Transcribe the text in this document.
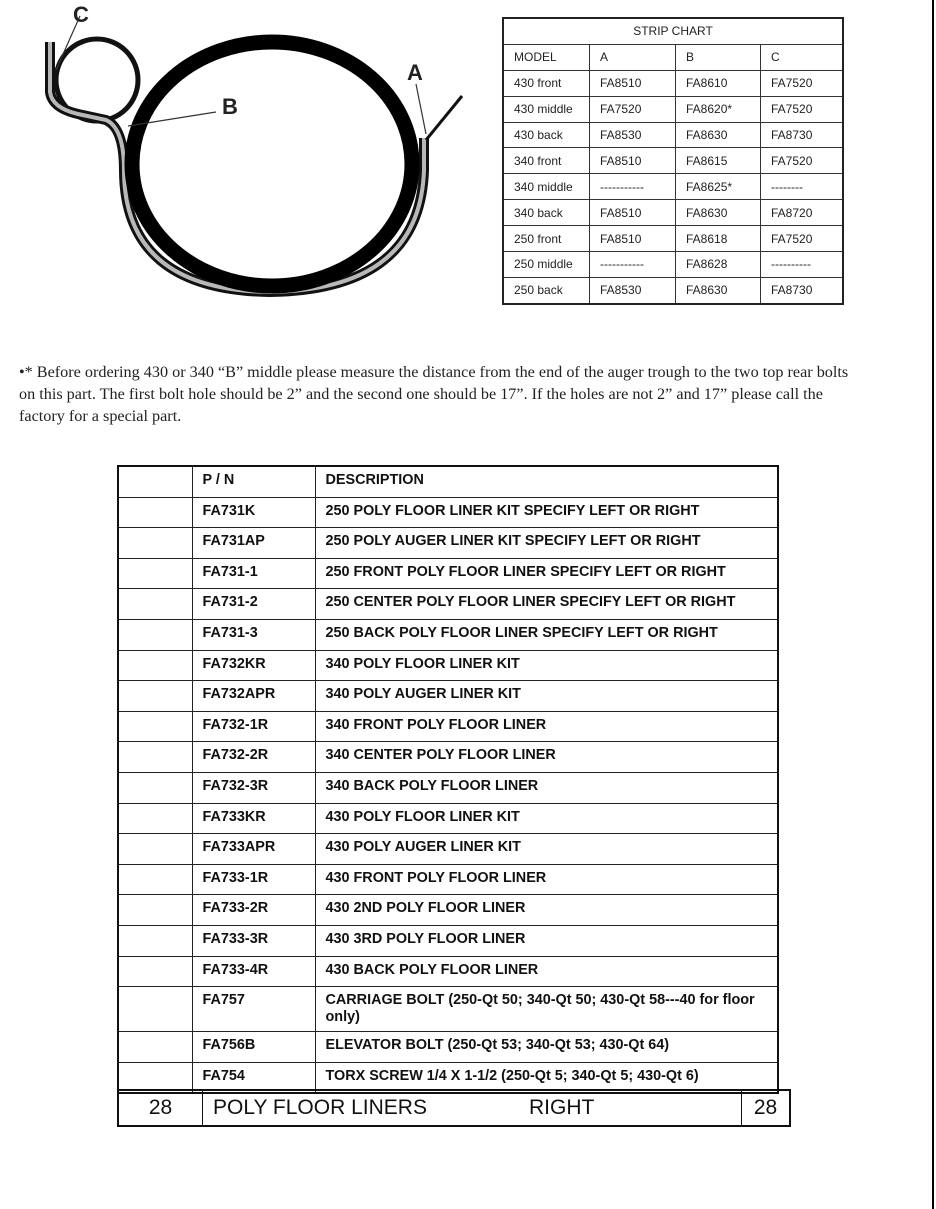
C
B
A
STRIP CHART			
MODEL	A	B	C
430 front	FA8510	FA8610	FA7520
430 middle	FA7520	FA8620*	FA7520
430 back	FA8530	FA8630	FA8730
340 front	FA8510	FA8615	FA7520
340 middle	-----------	FA8625*	--------
340 back	FA8510	FA8630	FA8720
250 front	FA8510	FA8618	FA7520
250 middle	-----------	FA8628	----------
250 back	FA8530	FA8630	FA8730

•* Before ordering 430 or 340 “B” middle please measure the distance from the end of the auger trough to the two top rear bolts on this part. The first bolt hole should be 2” and the second one should be 17”. If the holes are not 2” and 17” please call the factory for a special part.

	P / N	DESCRIPTION
	FA731K	250 POLY FLOOR LINER KIT SPECIFY LEFT OR RIGHT
	FA731AP	250 POLY AUGER LINER KIT SPECIFY LEFT OR RIGHT
	FA731-1	250 FRONT POLY FLOOR LINER SPECIFY LEFT OR RIGHT
	FA731-2	250 CENTER POLY FLOOR LINER SPECIFY LEFT OR RIGHT
	FA731-3	250 BACK POLY FLOOR LINER SPECIFY LEFT OR RIGHT
	FA732KR	340 POLY FLOOR LINER KIT
	FA732APR	340 POLY AUGER LINER KIT
	FA732-1R	340 FRONT POLY FLOOR LINER
	FA732-2R	340 CENTER POLY FLOOR LINER
	FA732-3R	340 BACK POLY FLOOR LINER
	FA733KR	430 POLY FLOOR LINER KIT
	FA733APR	430 POLY AUGER LINER KIT
	FA733-1R	430 FRONT POLY FLOOR LINER
	FA733-2R	430 2ND POLY FLOOR LINER
	FA733-3R	430 3RD POLY FLOOR LINER
	FA733-4R	430 BACK POLY FLOOR LINER
	FA757	CARRIAGE BOLT (250-Qt 50; 340-Qt 50; 430-Qt 58---40 for floor only)
	FA756B	ELEVATOR BOLT (250-Qt 53; 340-Qt 53; 430-Qt 64)
	FA754	TORX SCREW 1/4 X 1-1/2 (250-Qt 5; 340-Qt 5; 430-Qt 6)
28	POLY FLOOR LINERS	RIGHT	28
